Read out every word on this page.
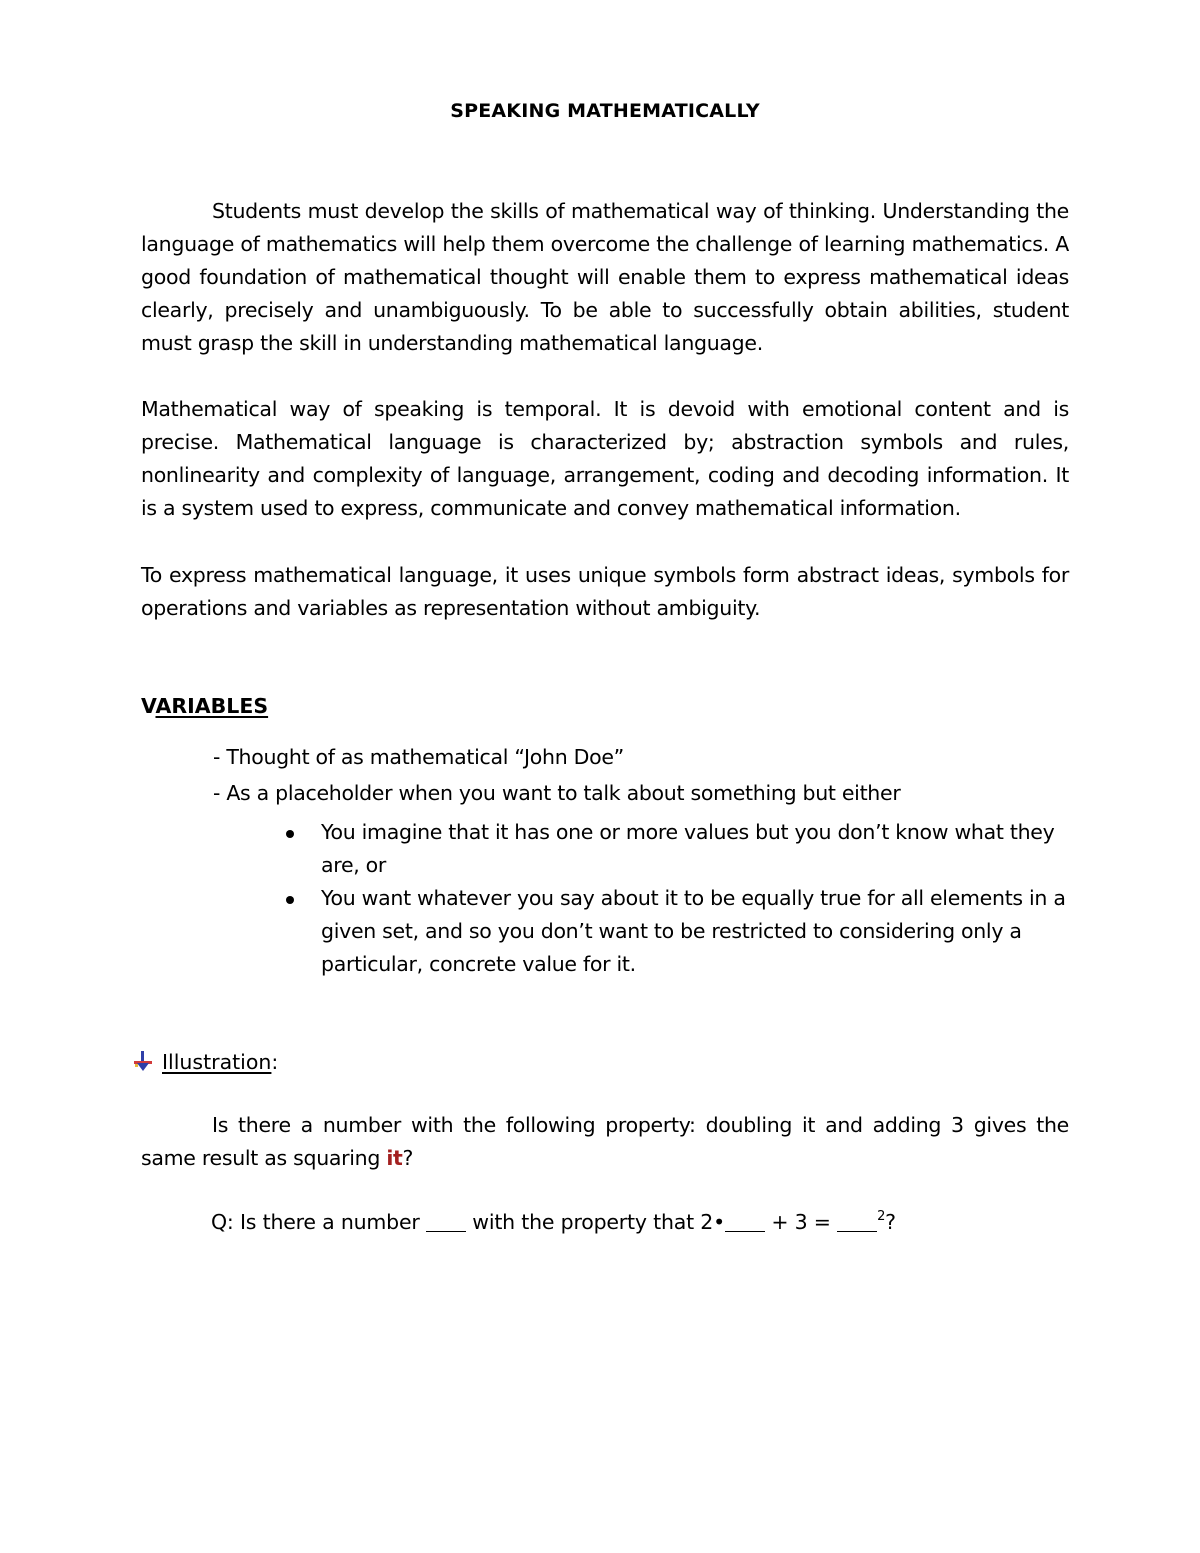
SPEAKING MATHEMATICALLY

Students must develop the skills of mathematical way of thinking. Understanding the language of mathematics will help them overcome the challenge of learning mathematics. A good foundation of mathematical thought will enable them to express mathematical ideas clearly, precisely and unambiguously. To be able to successfully obtain abilities, student must grasp the skill in understanding mathematical language.

Mathematical way of speaking is temporal. It is devoid with emotional content and is precise. Mathematical language is characterized by; abstraction symbols and rules, nonlinearity and complexity of language, arrangement, coding and decoding information. It is a system used to express, communicate and convey mathematical information.

To express mathematical language, it uses unique symbols form abstract ideas, symbols for operations and variables as representation without ambiguity.

VARIABLES
- Thought of as mathematical “John Doe”
- As a placeholder when you want to talk about something but either
You imagine that it has one or more values but you don’t know what they are, or
You want whatever you say about it to be equally true for all elements in a given set, and so you don’t want to be restricted to considering only a particular, concrete value for it.
Illustration:

Is there a number with the following property: doubling it and adding 3 gives the same result as squaring it?

Q: Is there a number  with the property that 2• + 3 =	$^2$?
